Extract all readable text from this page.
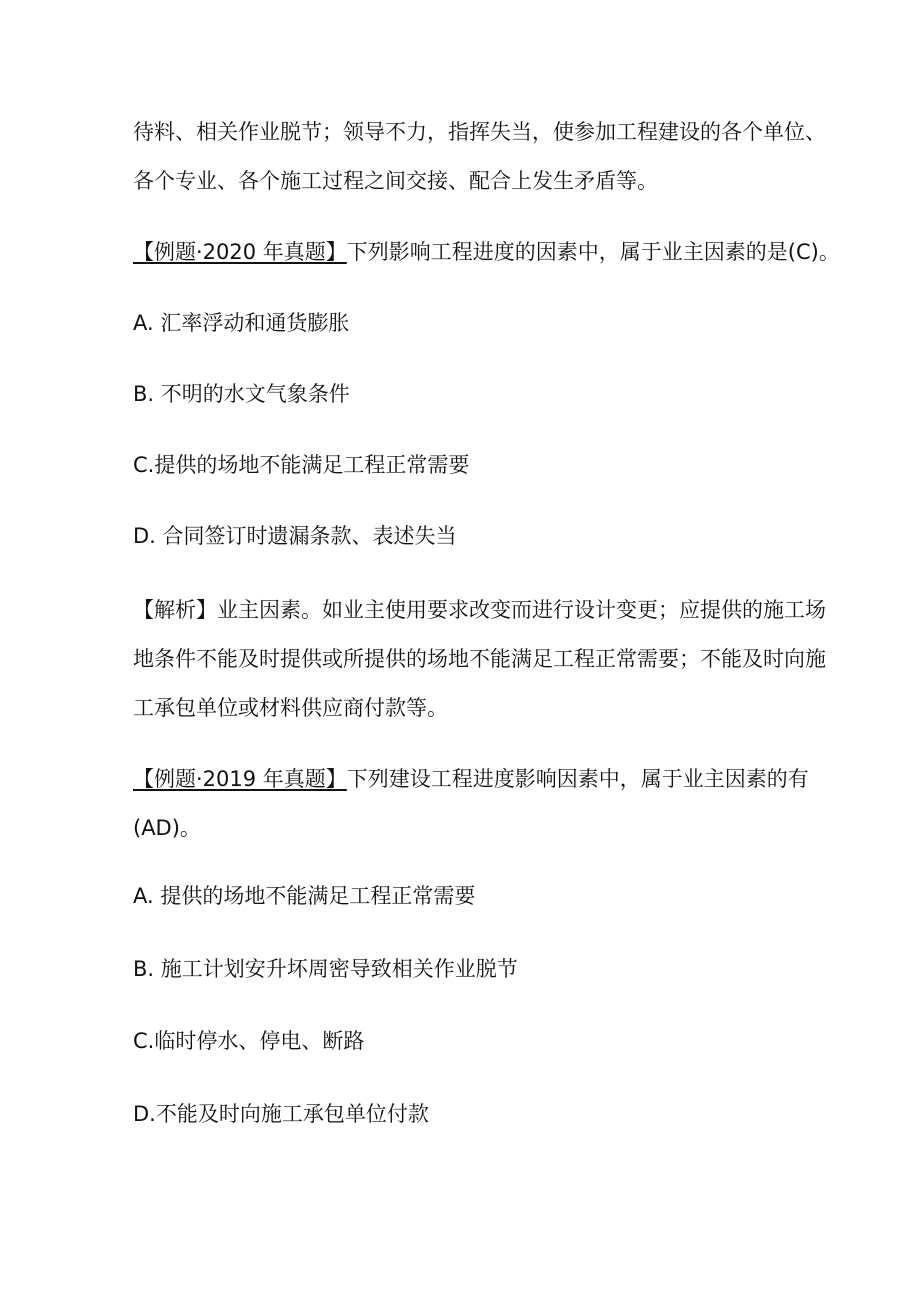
待料、相关作业脱节；领导不力，指挥失当，使参加工程建设的各个单位、
各个专业、各个施工过程之间交接、配合上发生矛盾等。
【例题·2020 年真题】下列影响工程进度的因素中，属于业主因素的是(C)。
A. 汇率浮动和通货膨胀
B. 不明的水文气象条件
C.提供的场地不能满足工程正常需要
D. 合同签订时遗漏条款、表述失当
【解析】业主因素。如业主使用要求改变而进行设计变更；应提供的施工场
地条件不能及时提供或所提供的场地不能满足工程正常需要；不能及时向施
工承包单位或材料供应商付款等。
【例题·2019 年真题】下列建设工程进度影响因素中，属于业主因素的有
(AD)。
A. 提供的场地不能满足工程正常需要
B. 施工计划安升坏周密导致相关作业脱节
C.临时停水、停电、断路
D.不能及时向施工承包单位付款
